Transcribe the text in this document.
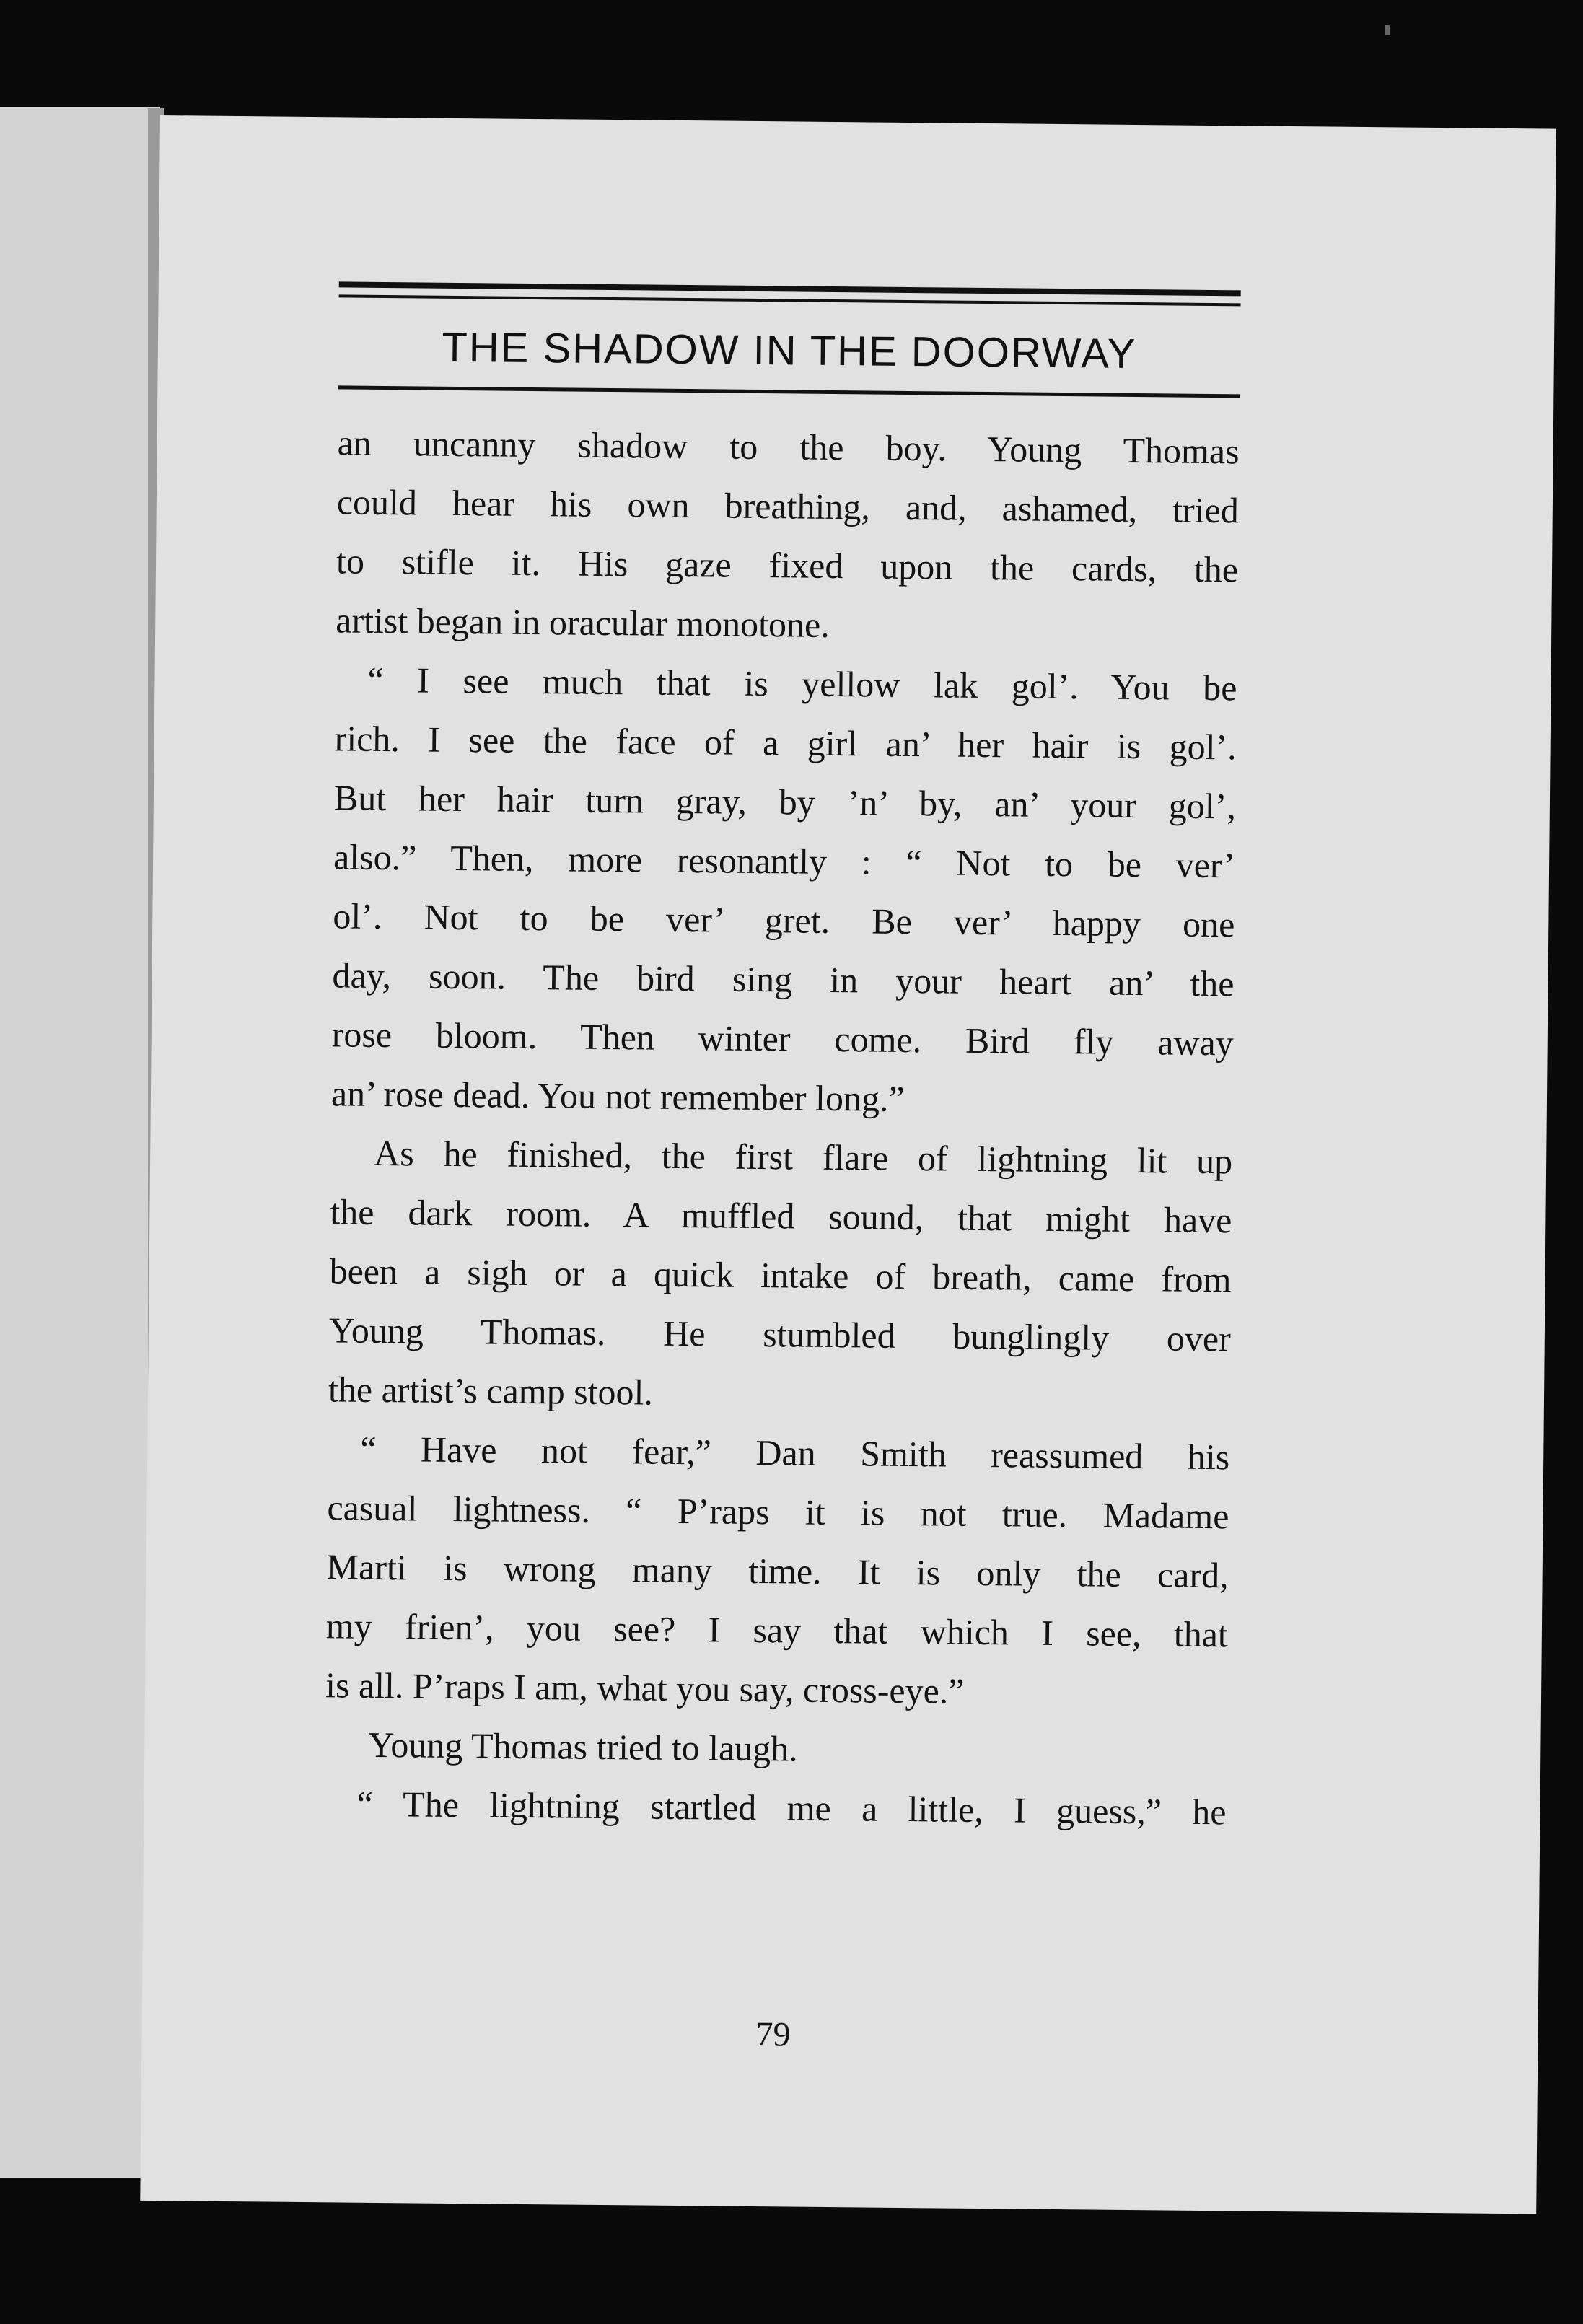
THE SHADOW IN THE DOORWAY
an uncanny shadow to the boy. Young Thomas
could hear his own breathing, and, ashamed, tried
to stifle it. His gaze fixed upon the cards, the
artist began in oracular monotone.
“ I see much that is yellow lak gol’. You be
rich. I see the face of a girl an’ her hair is gol’.
But her hair turn gray, by ’n’ by, an’ your gol’,
also.” Then, more resonantly : “ Not to be ver’
ol’. Not to be ver’ gret. Be ver’ happy one
day, soon. The bird sing in your heart an’ the
rose bloom. Then winter come. Bird fly away
an’ rose dead. You not remember long.”
As he finished, the first flare of lightning lit up
the dark room. A muffled sound, that might have
been a sigh or a quick intake of breath, came from
Young Thomas. He stumbled bunglingly over
the artist’s camp stool.
“ Have not fear,” Dan Smith reassumed his
casual lightness. “ P’raps it is not true. Madame
Marti is wrong many time. It is only the card,
my frien’, you see? I say that which I see, that
is all. P’raps I am, what you say, cross-eye.”
Young Thomas tried to laugh.
“ The lightning startled me a little, I guess,” he
79
